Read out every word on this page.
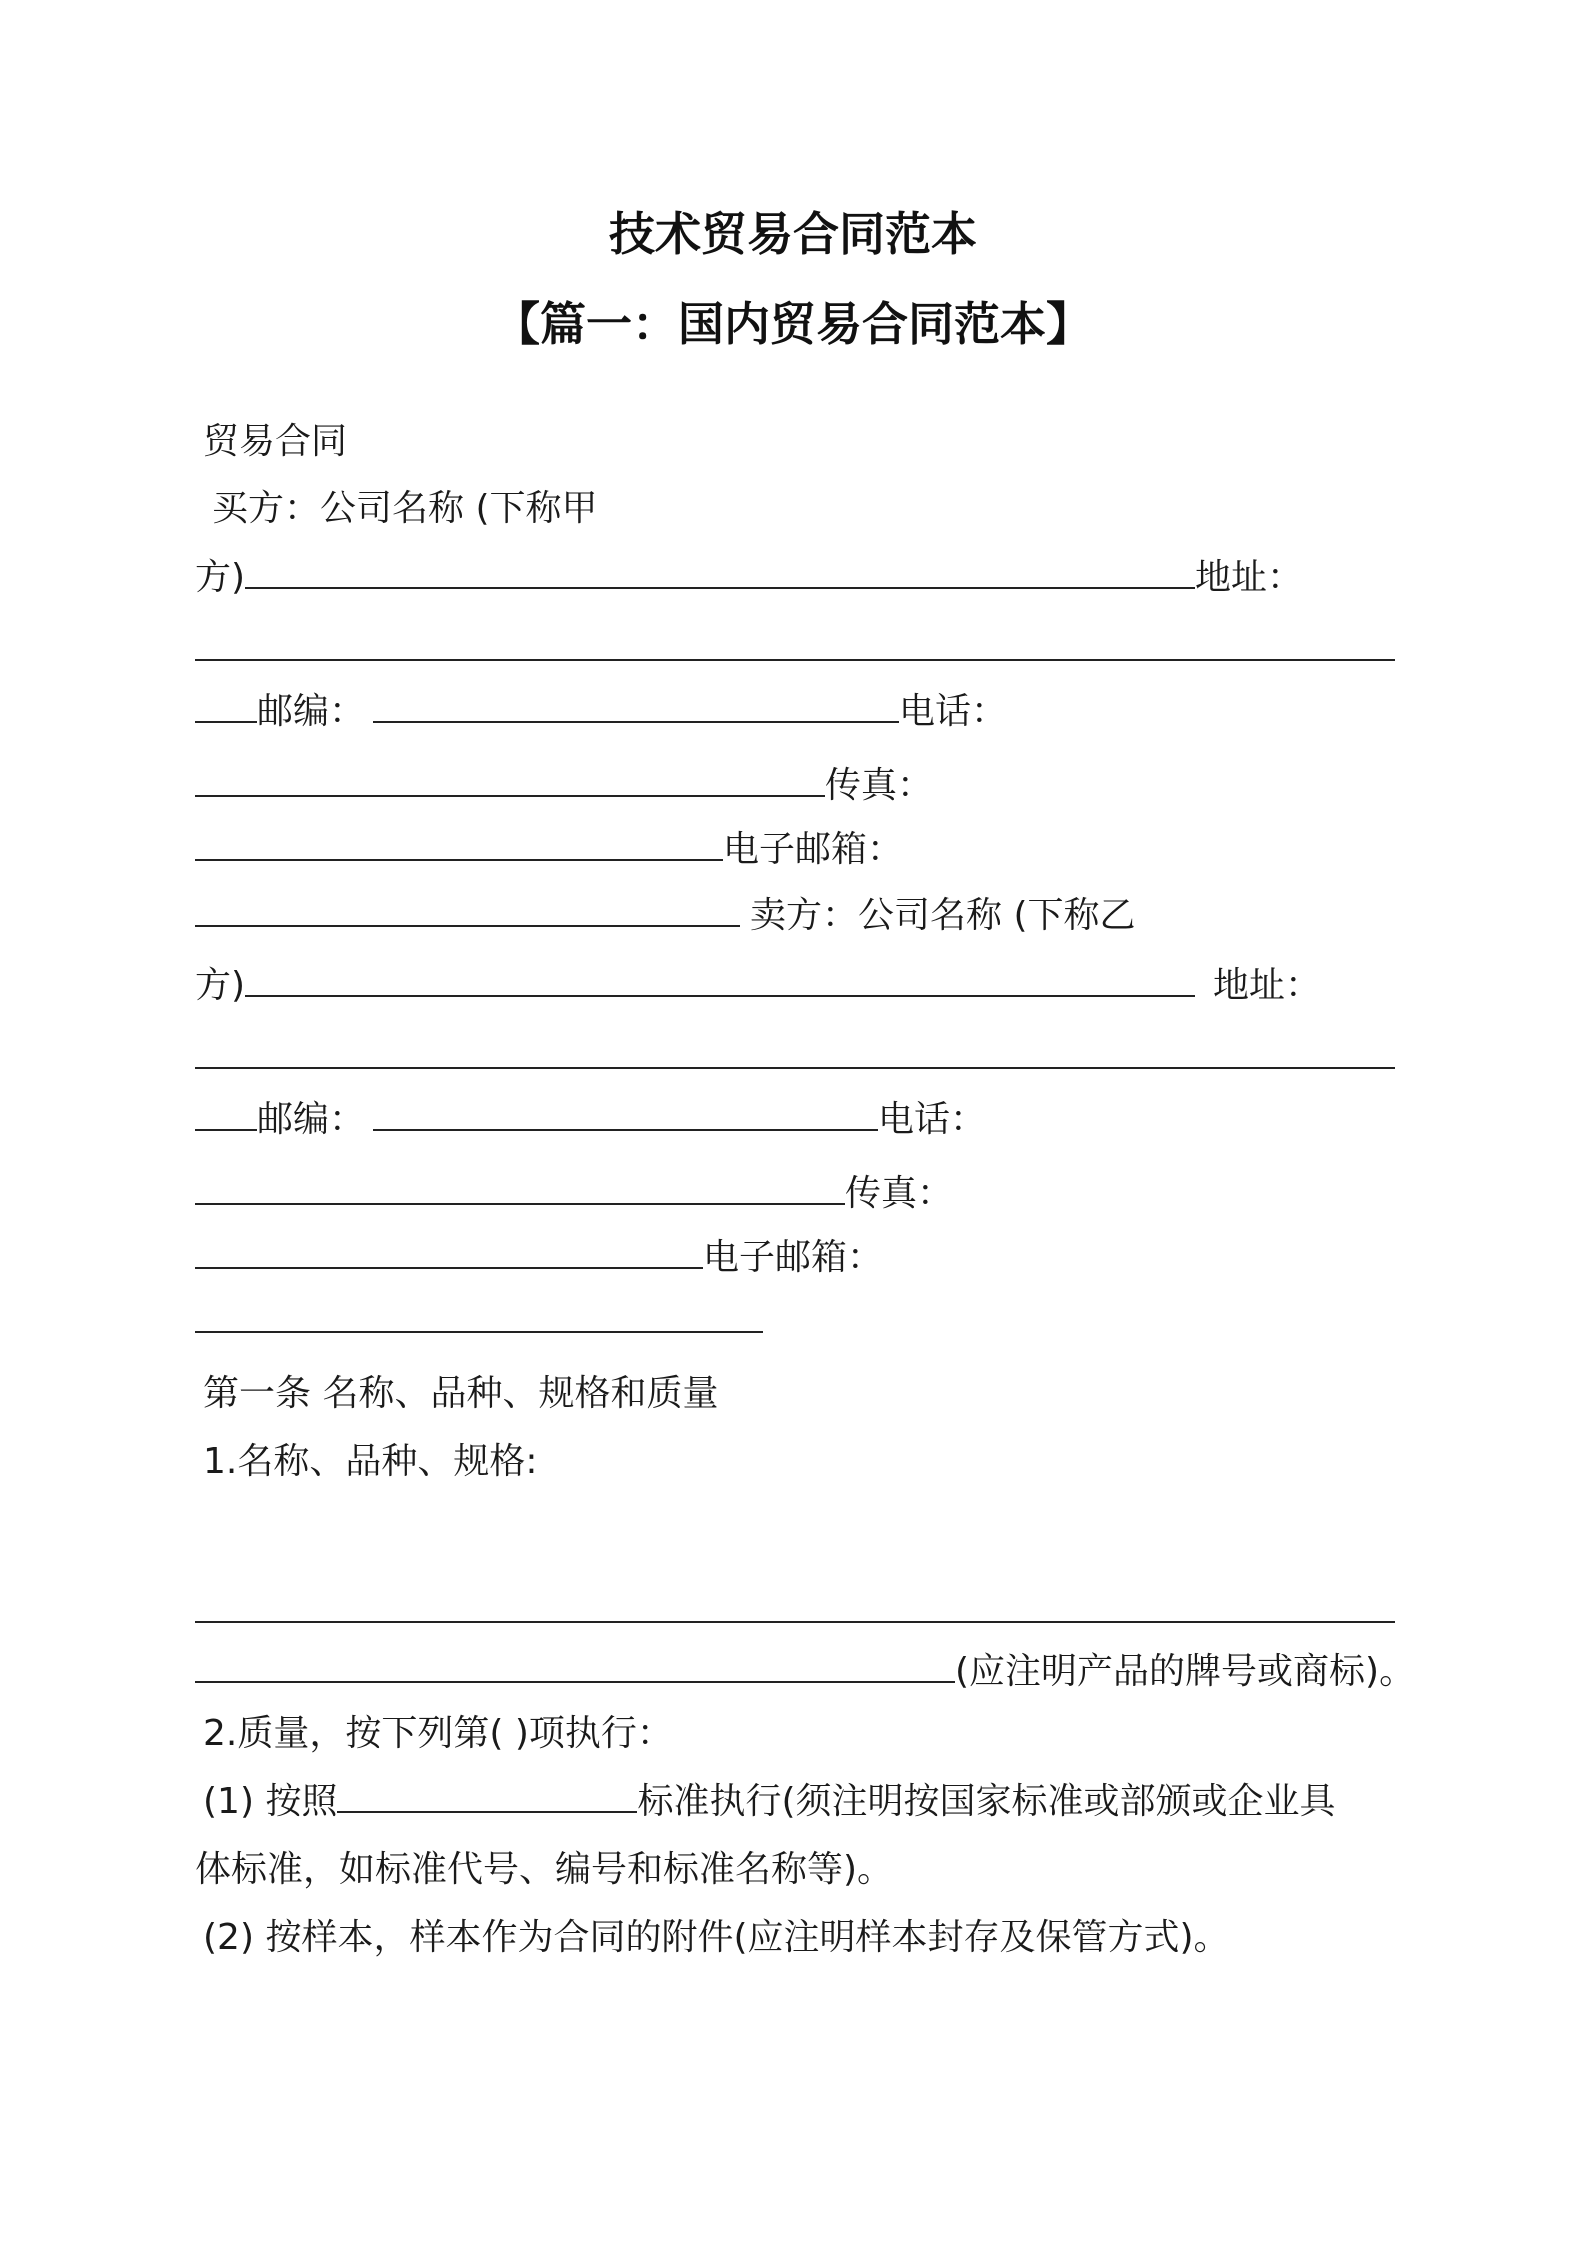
技术贸易合同范本
【篇一：国内贸易合同范本】
贸易合同
买方：公司名称 (下称甲
方)	地址：
邮编：	电话：
传真：
电子邮箱：
卖方：公司名称 (下称乙
方)	地址：
邮编：	电话：
传真：
电子邮箱：
第一条 名称、品种、规格和质量
1.名称、品种、规格:
(应注明产品的牌号或商标)。
2.质量，按下列第( )项执行：
(1) 按照	标准执行(须注明按国家标准或部颁或企业具
体标准，如标准代号、编号和标准名称等)。
(2) 按样本，样本作为合同的附件(应注明样本封存及保管方式)。
